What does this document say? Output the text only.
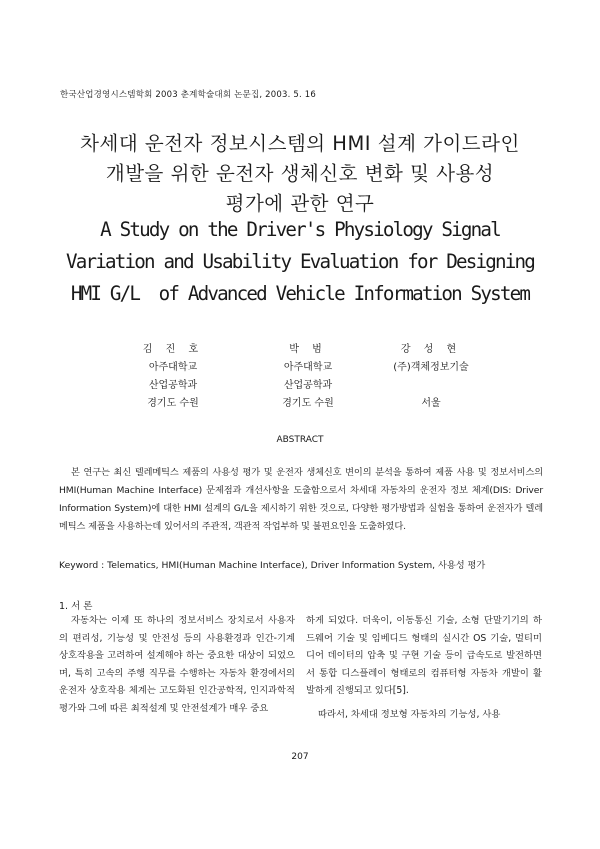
한국산업경영시스템학회 2003 춘계학술대회 논문집, 2003. 5. 16
차세대 운전자 정보시스템의 HMI 설계 가이드라인
개발을 위한 운전자 생체신호 변화 및 사용성
평가에 관한 연구
A Study on the Driver's Physiology Signal
Variation and Usability Evaluation for Designing
HMI G/L  of Advanced Vehicle Information System
김 진 호
아주대학교
산업공학과
경기도 수원
박 범
아주대학교
산업공학과
경기도 수원
강 성 현
(주)객체정보기술
서울
ABSTRACT

본 연구는 최신 텔레메틱스 제품의 사용성 평가 및 운전자 생체신호 변이의 분석을 통하여 제품 사용 및 정보서비스의 HMI(Human Machine Interface) 문제점과 개선사항을 도출함으로서 차세대 자동차의 운전자 정보 체계(DIS: Driver Information System)에 대한 HMI 설계의 G/L을 제시하기 위한 것으로, 다양한 평가방법과 실험을 통하여 운전자가 텔레메틱스 제품을 사용하는데 있어서의 주관적, 객관적 작업부하 및 불편요인을 도출하였다.

Keyword : Telematics, HMI(Human Machine Interface), Driver Information System, 사용성 평가
1. 서 론

자동차는 이제 또 하나의 정보서비스 장치로서 사용자의 편리성, 기능성 및 안전성 등의 사용환경과 인간-기계 상호작용을 고려하여 설계해야 하는 중요한 대상이 되었으며, 특히 고속의 주행 직무를 수행하는 자동차 환경에서의 운전자 상호작용 체계는 고도화된 인간공학적, 인지과학적 평가와 그에 따른 최적설계 및 안전설계가 매우 중요

하게 되었다. 더욱이, 이동통신 기술, 소형 단말기기의 하드웨어 기술 및 임베디드 형태의 실시간 OS 기술, 멀티미디어 데이터의 압축 및 구현 기술 등이 급속도로 발전하면서 통합 디스플레이 형태로의 컴퓨터형 자동차 개발이 활발하게 진행되고 있다[5].

따라서, 차세대 정보형 자동차의 기능성, 사용

207
